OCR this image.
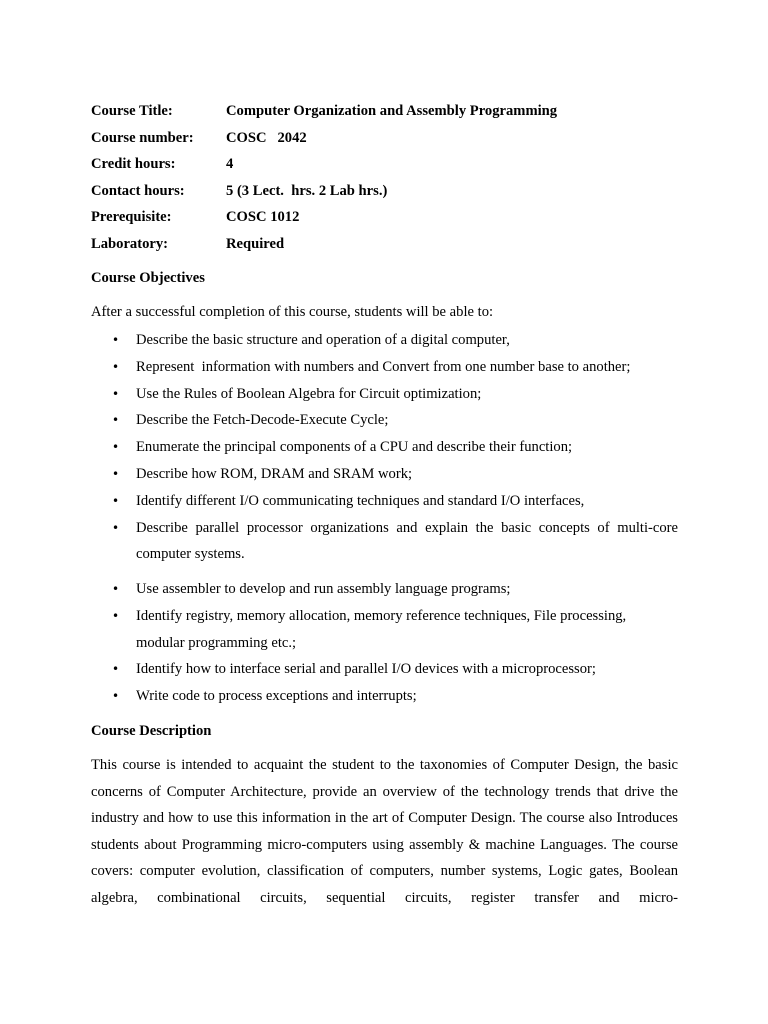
Course Title:	Computer Organization and Assembly Programming
Course number:	COSC   2042
Credit hours:	4
Contact hours:	5 (3 Lect.  hrs. 2 Lab hrs.)
Prerequisite:	COSC 1012
Laboratory:	Required
Course Objectives
After a successful completion of this course, students will be able to:
• Describe the basic structure and operation of a digital computer,
• Represent  information with numbers and Convert from one number base to another;
• Use the Rules of Boolean Algebra for Circuit optimization;
• Describe the Fetch-Decode-Execute Cycle;
• Enumerate the principal components of a CPU and describe their function;
• Describe how ROM, DRAM and SRAM work;
• Identify different I/O communicating techniques and standard I/O interfaces,
• Describe parallel processor organizations and explain the basic concepts of multi-core computer systems.
• Use assembler to develop and run assembly language programs;
• Identify registry, memory allocation, memory reference techniques, File processing, modular programming etc.;
• Identify how to interface serial and parallel I/O devices with a microprocessor;
• Write code to process exceptions and interrupts;
Course Description
This course is intended to acquaint the student to the taxonomies of Computer Design, the basic concerns of Computer Architecture, provide an overview of the technology trends that drive the industry and how to use this information in the art of Computer Design. The course also Introduces students about Programming micro-computers using assembly & machine Languages. The course covers: computer evolution, classification of computers, number systems, Logic gates, Boolean algebra, combinational circuits, sequential circuits, register transfer and micro-
